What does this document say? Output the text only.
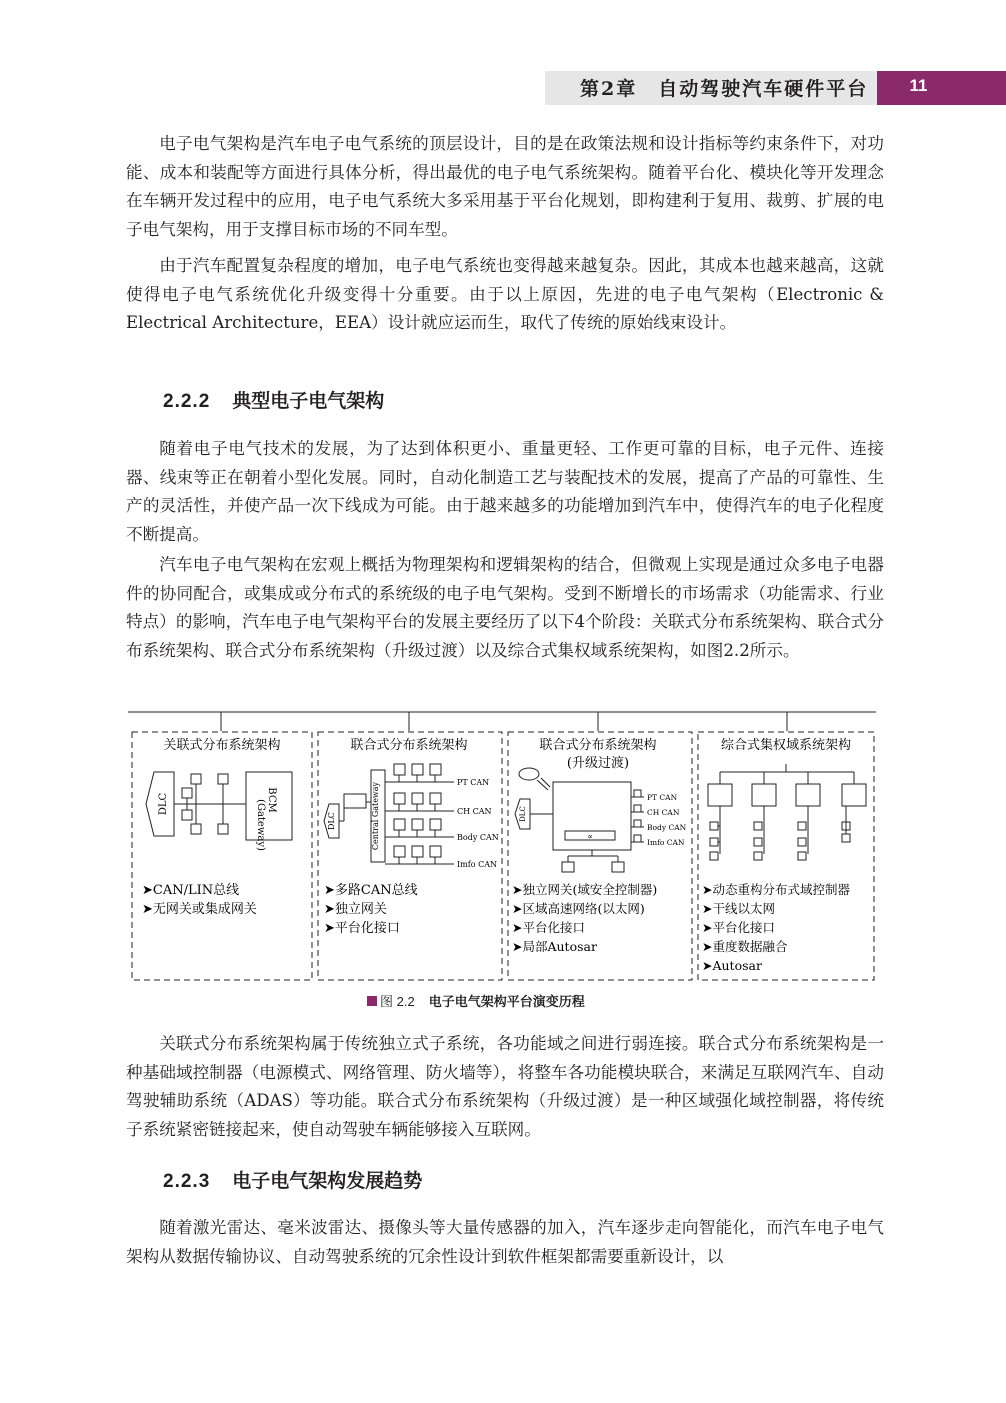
第2章　自动驾驶汽车硬件平台	11

电子电气架构是汽车电子电气系统的顶层设计，目的是在政策法规和设计指标等约束条件下，对功能、成本和装配等方面进行具体分析，得出最优的电子电气系统架构。随着平台化、模块化等开发理念在车辆开发过程中的应用，电子电气系统大多采用基于平台化规划，即构建利于复用、裁剪、扩展的电子电气架构，用于支撑目标市场的不同车型。

由于汽车配置复杂程度的增加，电子电气系统也变得越来越复杂。因此，其成本也越来越高，这就使得电子电气系统优化升级变得十分重要。由于以上原因，先进的电子电气架构（Electronic & Electrical Architecture，EEA）设计就应运而生，取代了传统的原始线束设计。

2.2.2 典型电子电气架构

随着电子电气技术的发展，为了达到体积更小、重量更轻、工作更可靠的目标，电子元件、连接器、线束等正在朝着小型化发展。同时，自动化制造工艺与装配技术的发展，提高了产品的可靠性、生产的灵活性，并使产品一次下线成为可能。由于越来越多的功能增加到汽车中，使得汽车的电子化程度不断提高。

汽车电子电气架构在宏观上概括为物理架构和逻辑架构的结合，但微观上实现是通过众多电子电器件的协同配合，或集成或分布式的系统级的电子电气架构。受到不断增长的市场需求（功能需求、行业特点）的影响，汽车电子电气架构平台的发展主要经历了以下4个阶段：关联式分布系统架构、联合式分布系统架构、联合式分布系统架构（升级过渡）以及综合式集权域系统架构，如图2.2所示。

关联式分布系统架构
DLC	BCM
(Gateway)
➤CAN/LIN总线
➤无网关或集成网关
联合式分布系统架构
DLC	Central Gateway	PT CAN
CH CAN
Body CAN
Imfo CAN
➤多路CAN总线
➤独立网关
➤平台化接口
联合式分布系统架构
(升级过渡)
∝
DLC
PT CAN
CH CAN
Body CAN
Imfo CAN
➤独立网关(域安全控制器)
➤区域高速网络(以太网)
➤平台化接口
➤局部Autosar
综合式集权域系统架构
➤动态重构分布式域控制器
➤干线以太网
➤平台化接口
➤重度数据融合
➤Autosar
图 2.2 电子电气架构平台演变历程

关联式分布系统架构属于传统独立式子系统，各功能域之间进行弱连接。联合式分布系统架构是一种基础域控制器（电源模式、网络管理、防火墙等），将整车各功能模块联合，来满足互联网汽车、自动驾驶辅助系统（ADAS）等功能。联合式分布系统架构（升级过渡）是一种区域强化域控制器，将传统子系统紧密链接起来，使自动驾驶车辆能够接入互联网。

2.2.3 电子电气架构发展趋势

随着激光雷达、毫米波雷达、摄像头等大量传感器的加入，汽车逐步走向智能化，而汽车电子电气架构从数据传输协议、自动驾驶系统的冗余性设计到软件框架都需要重新设计，以
